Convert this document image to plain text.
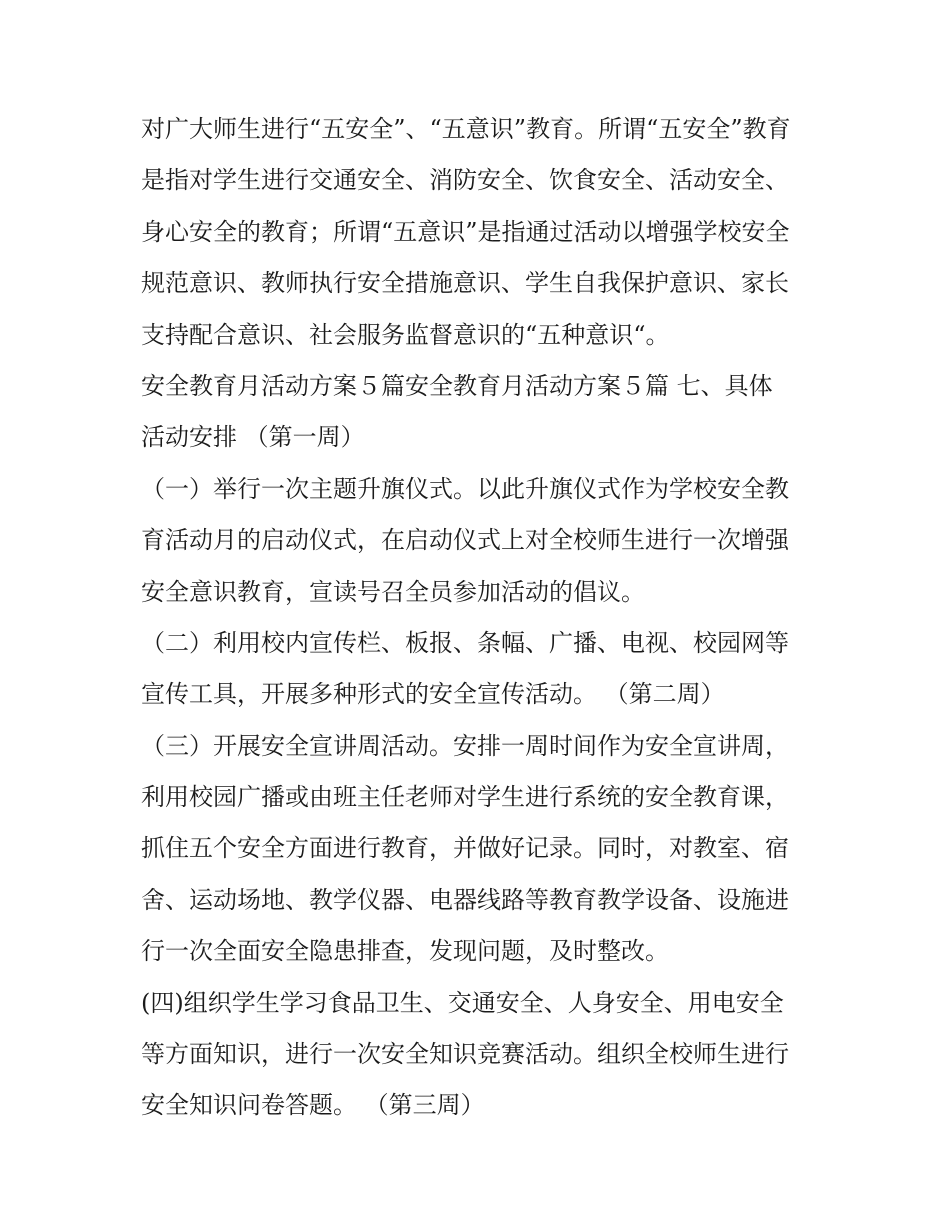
对广大师生进行“五安全”、“五意识”教育。所谓“五安全”教育
是指对学生进行交通安全、消防安全、饮食安全、活动安全、
身心安全的教育；所谓“五意识”是指通过活动以增强学校安全
规范意识、教师执行安全措施意识、学生自我保护意识、家长
支持配合意识、社会服务监督意识的“五种意识“。
安全教育月活动方案５篇安全教育月活动方案５篇 七、具体
活动安排 （第一周）
（一）举行一次主题升旗仪式。以此升旗仪式作为学校安全教
育活动月的启动仪式，在启动仪式上对全校师生进行一次增强
安全意识教育，宣读号召全员参加活动的倡议。
（二）利用校内宣传栏、板报、条幅、广播、电视、校园网等
宣传工具，开展多种形式的安全宣传活动。 （第二周）
（三）开展安全宣讲周活动。安排一周时间作为安全宣讲周，
利用校园广播或由班主任老师对学生进行系统的安全教育课，
抓住五个安全方面进行教育，并做好记录。同时，对教室、宿
舍、运动场地、教学仪器、电器线路等教育教学设备、设施进
行一次全面安全隐患排查，发现问题，及时整改。
(四)组织学生学习食品卫生、交通安全、人身安全、用电安全
等方面知识，进行一次安全知识竞赛活动。组织全校师生进行
安全知识问卷答题。 （第三周）
